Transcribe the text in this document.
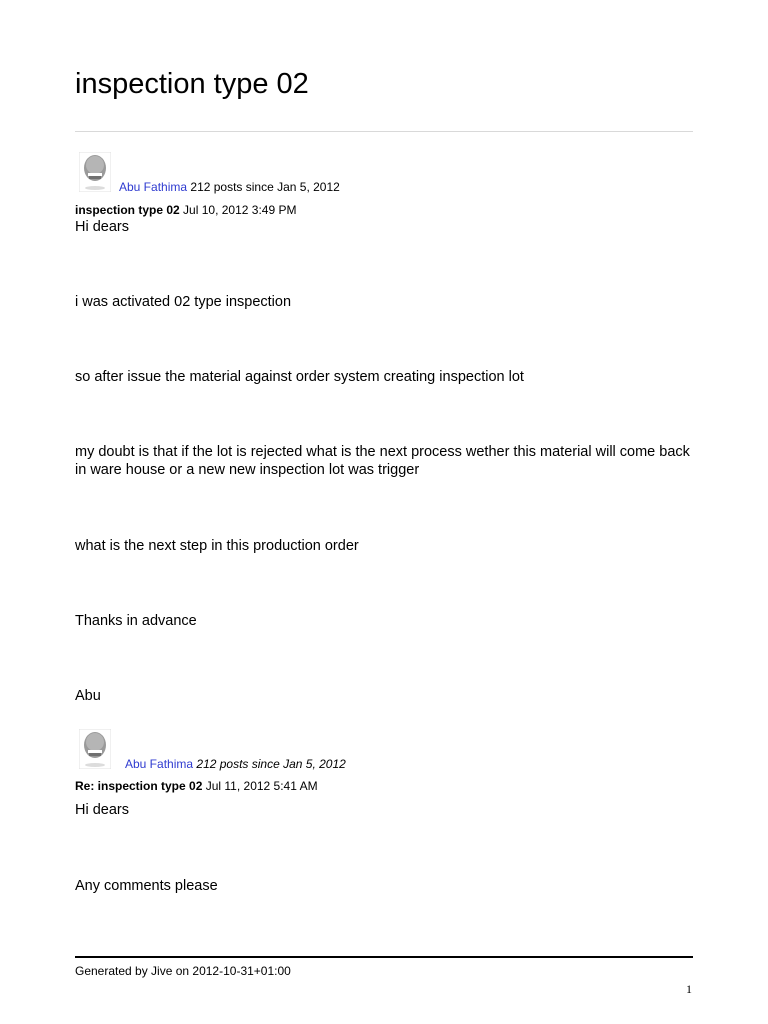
inspection type 02
Abu Fathima 212 posts since Jan 5, 2012
inspection type 02 Jul 10, 2012 3:49 PM

Hi dears

i was activated 02 type inspection

so after issue the material against order system creating inspection lot

my doubt is that if the lot is rejected what is the next process wether this material will come back in ware house or a new new inspection lot was trigger

what is the next step in this production order

Thanks in advance

Abu

Abu Fathima 212 posts since Jan 5, 2012
Re: inspection type 02 Jul 11, 2012 5:41 AM

Hi dears

Any comments please

Generated by Jive on 2012-10-31+01:00
1
